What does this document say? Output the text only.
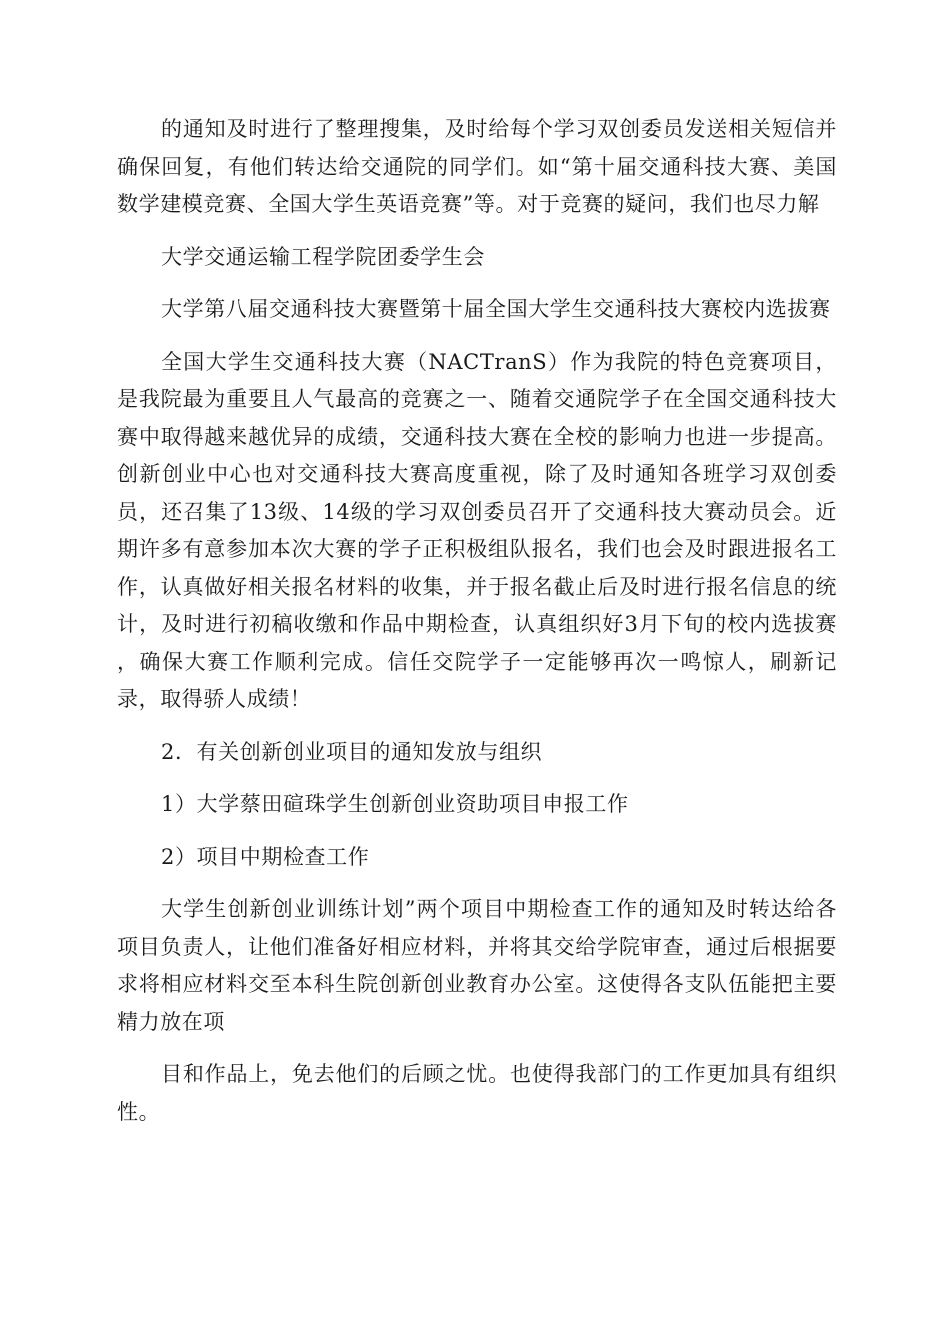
的通知及时进行了整理搜集，及时给每个学习双创委员发送相关短信并确保回复，有他们转达给交通院的同学们。如“第十届交通科技大赛、美国数学建模竞赛、全国大学生英语竞赛”等。对于竞赛的疑问，我们也尽力解

大学交通运输工程学院团委学生会

大学第八届交通科技大赛暨第十届全国大学生交通科技大赛校内选拔赛

全国大学生交通科技大赛（NACTranS）作为我院的特色竞赛项目，是我院最为重要且人气最高的竞赛之一、随着交通院学子在全国交通科技大赛中取得越来越优异的成绩，交通科技大赛在全校的影响力也进一步提高。创新创业中心也对交通科技大赛高度重视，除了及时通知各班学习双创委员，还召集了13级、14级的学习双创委员召开了交通科技大赛动员会。近期许多有意参加本次大赛的学子正积极组队报名，我们也会及时跟进报名工作，认真做好相关报名材料的收集，并于报名截止后及时进行报名信息的统计，及时进行初稿收缴和作品中期检查，认真组织好3月下旬的校内选拔赛 ，确保大赛工作顺利完成。信任交院学子一定能够再次一鸣惊人，刷新记录，取得骄人成绩！

2．有关创新创业项目的通知发放与组织

1）大学蔡田碹珠学生创新创业资助项目申报工作

2）项目中期检查工作

大学生创新创业训练计划”两个项目中期检查工作的通知及时转达给各项目负责人，让他们准备好相应材料，并将其交给学院审查，通过后根据要求将相应材料交至本科生院创新创业教育办公室。这使得各支队伍能把主要精力放在项

目和作品上，免去他们的后顾之忧。也使得我部门的工作更加具有组织性。
